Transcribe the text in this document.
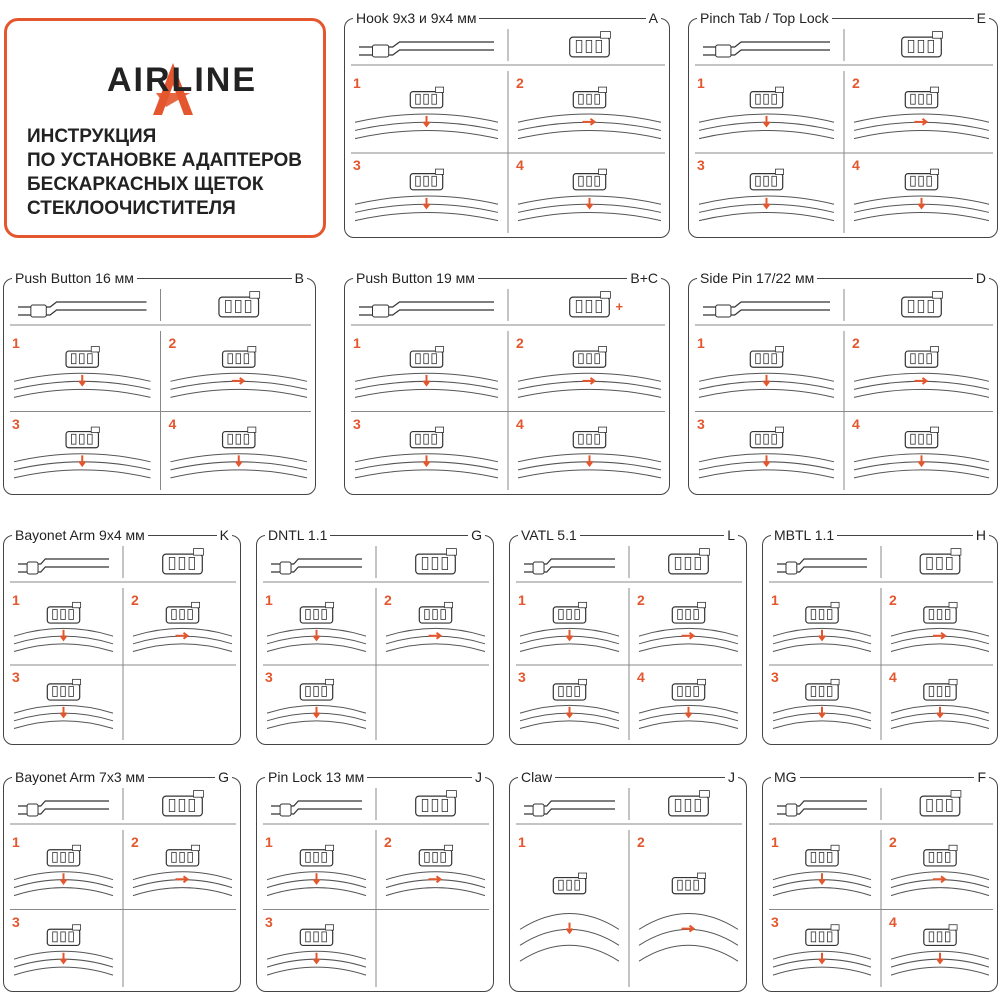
AIRLINE
ИНСТРУКЦИЯ
ПО УСТАНОВКЕ АДАПТЕРОВ
БЕСКАРКАСНЫХ ЩЕТОК
СТЕКЛООЧИСТИТЕЛЯ
Hook 9x3 и 9x4 мм	A
1	2
3	4
Pinch Tab / Top Lock	E
1	2
3	4
Push Button 16 мм	B
1	2
3	4
Push Button 19 мм	B+C
1	2
3	4
+
Side Pin 17/22 мм	D
1	2
3	4
Bayonet Arm 9x4 мм	K
1	2
3
DNTL 1.1	G
1	2
3
VATL 5.1	L
1	2
3	4
MBTL 1.1	H
1	2
3	4
Bayonet Arm 7x3 мм	G
1	2
3
Pin Lock 13 мм	J
1	2
3
Claw	J
1	2
MG	F
1	2
3	4
